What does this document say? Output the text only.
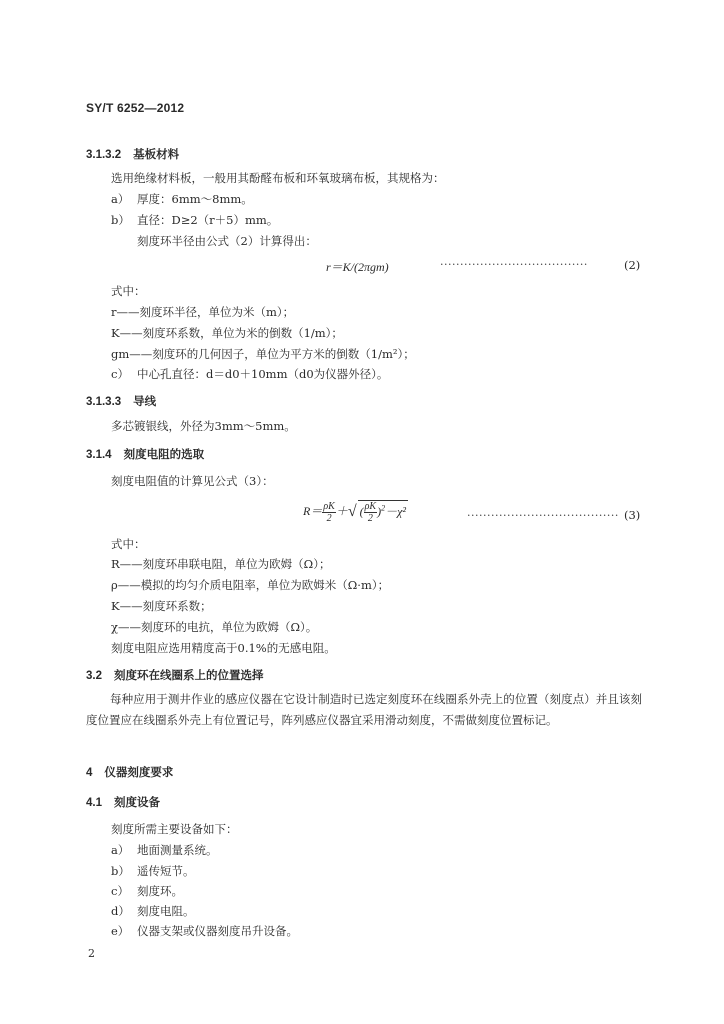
SY/T 6252—2012
3.1.3.2 基板材料
选用绝缘材料板，一般用其酚醛布板和环氧玻璃布板，其规格为：
a） 厚度：6mm～8mm。
b） 直径：D≥2（r＋5）mm。
刻度环半径由公式（2）计算得出：
r＝K/(2πgm)	·····································	(2)
式中：
r——刻度环半径，单位为米（m）；
K——刻度环系数，单位为米的倒数（1/m）；
gm——刻度环的几何因子，单位为平方米的倒数（1/m²）；
c） 中心孔直径：d＝d0＋10mm（d0为仪器外径）。
3.1.3.3 导线
多芯镀银线，外径为3mm～5mm。
3.1.4 刻度电阻的选取
刻度电阻值的计算见公式（3）：
$R= \frac{\rho K}{2}$ ＋√ ( $\frac{\rho K}{2} )^2-\chi^2$	······································ (3)
式中：
R——刻度环串联电阻，单位为欧姆（Ω）；
ρ——模拟的均匀介质电阻率，单位为欧姆米（Ω·m）；
K——刻度环系数；
χ——刻度环的电抗，单位为欧姆（Ω）。
刻度电阻应选用精度高于0.1%的无感电阻。
3.2 刻度环在线圈系上的位置选择
每种应用于测井作业的感应仪器在它设计制造时已选定刻度环在线圈系外壳上的位置（刻度点）并且该刻度位置应在线圈系外壳上有位置记号，阵列感应仪器宜采用滑动刻度，不需做刻度位置标记。
4 仪器刻度要求
4.1 刻度设备
刻度所需主要设备如下：
a） 地面测量系统。
b） 遥传短节。
c） 刻度环。
d） 刻度电阻。
e） 仪器支架或仪器刻度吊升设备。
2
